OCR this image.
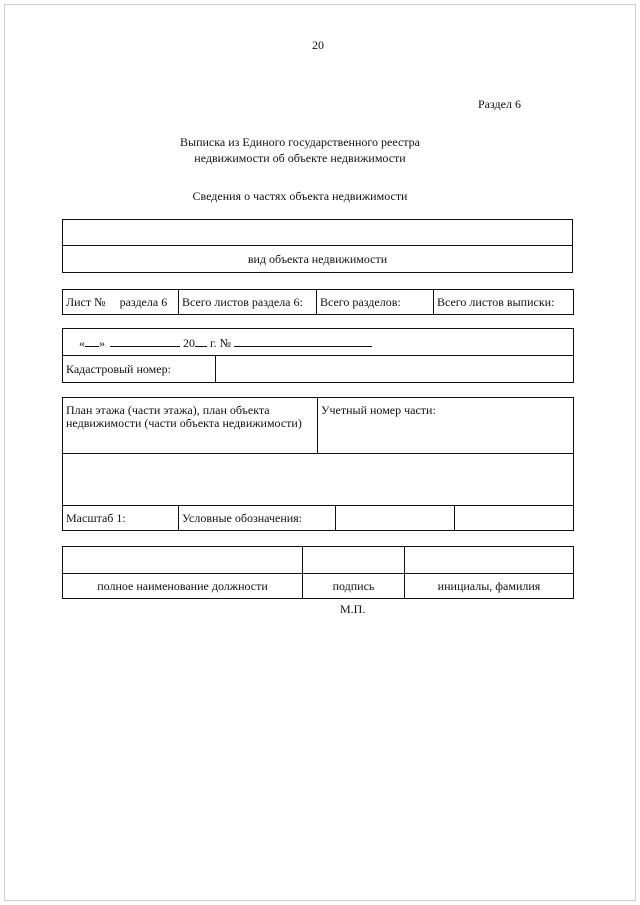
20
Раздел 6
Выписка из Единого государственного реестра
недвижимости об объекте недвижимости
Сведения о частях объекта недвижимости

вид объекта недвижимости
Лист № раздела 6	Всего листов раздела 6:	Всего разделов:	Всего листов выписки:
« »	20 г. №
Кадастровый номер:	
План этажа (части этажа), план объекта недвижимости (части объекта недвижимости)		Учетный номер части:		

Масштаб 1:	Условные обозначения:			

полное наименование должности	подпись	инициалы, фамилия
М.П.
